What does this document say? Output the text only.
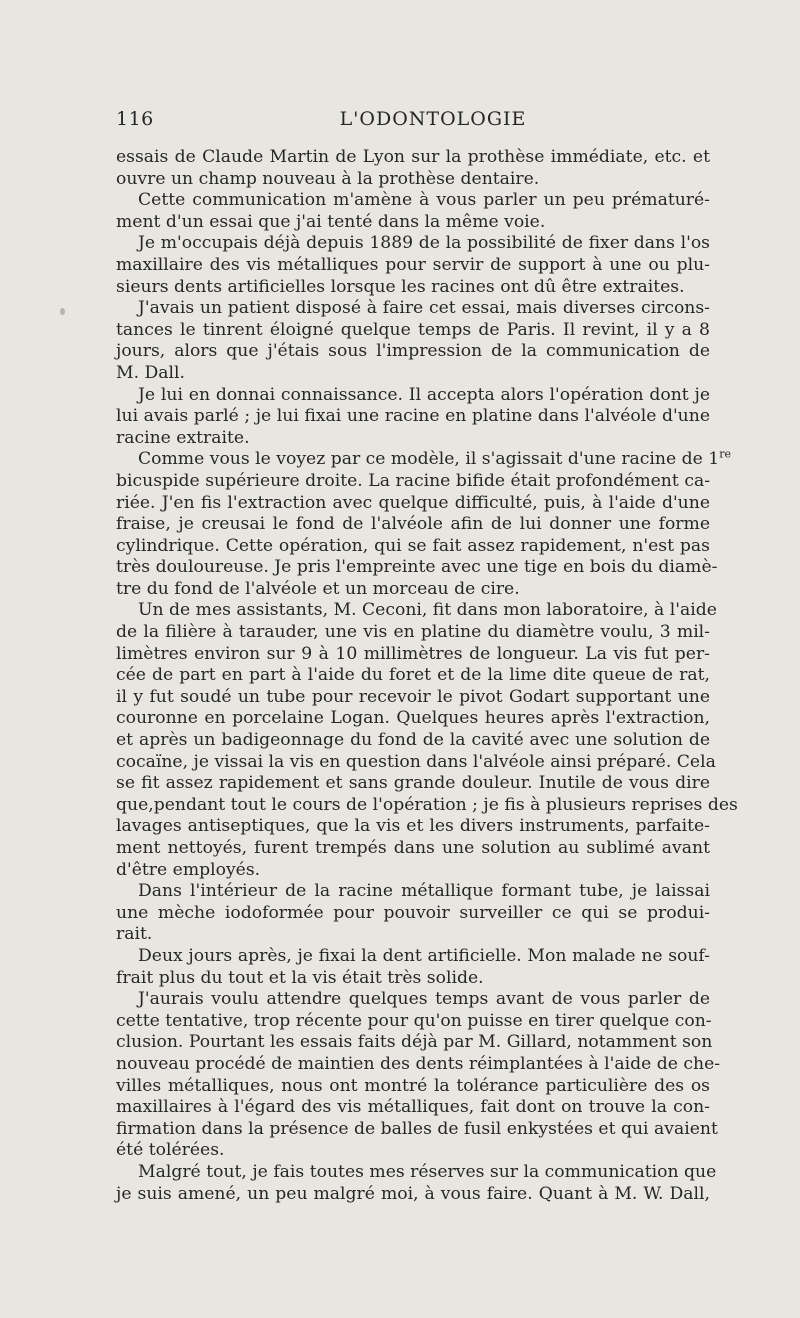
116	L'ODONTOLOGIE
essais de Claude Martin de Lyon sur la prothèse immédiate, etc. et
ouvre un champ nouveau à la prothèse dentaire.
Cette communication m'amène à vous parler un peu prématuré-
ment d'un essai que j'ai tenté dans la même voie.
Je m'occupais déjà depuis 1889 de la possibilité de fixer dans l'os
maxillaire des vis métalliques pour servir de support à une ou plu-
sieurs dents artificielles lorsque les racines ont dû être extraites.
J'avais un patient disposé à faire cet essai, mais diverses circons-
tances le tinrent éloigné quelque temps de Paris. Il revint, il y a 8
jours, alors que j'étais sous l'impression de la communication de
M. Dall.
Je lui en donnai connaissance. Il accepta alors l'opération dont je
lui avais parlé ; je lui fixai une racine en platine dans l'alvéole d'une
racine extraite.
Comme vous le voyez par ce modèle, il s'agissait d'une racine de 1re
bicuspide supérieure droite. La racine bifide était profondément ca-
riée. J'en fis l'extraction avec quelque difficulté, puis, à l'aide d'une
fraise, je creusai le fond de l'alvéole afin de lui donner une forme
cylindrique. Cette opération, qui se fait assez rapidement, n'est pas
très douloureuse. Je pris l'empreinte avec une tige en bois du diamè-
tre du fond de l'alvéole et un morceau de cire.
Un de mes assistants, M. Ceconi, fit dans mon laboratoire, à l'aide
de la filière à tarauder, une vis en platine du diamètre voulu, 3 mil-
limètres environ sur 9 à 10 millimètres de longueur. La vis fut per-
cée de part en part à l'aide du foret et de la lime dite queue de rat,
il y fut soudé un tube pour recevoir le pivot Godart supportant une
couronne en porcelaine Logan. Quelques heures après l'extraction,
et après un badigeonnage du fond de la cavité avec une solution de
cocaïne, je vissai la vis en question dans l'alvéole ainsi préparé. Cela
se fit assez rapidement et sans grande douleur. Inutile de vous dire
que,pendant tout le cours de l'opération ; je fis à plusieurs reprises des
lavages antiseptiques, que la vis et les divers instruments, parfaite-
ment nettoyés, furent trempés dans une solution au sublimé avant
d'être employés.
Dans l'intérieur de la racine métallique formant tube, je laissai
une mèche iodoformée pour pouvoir surveiller ce qui se produi-
rait.
Deux jours après, je fixai la dent artificielle. Mon malade ne souf-
frait plus du tout et la vis était très solide.
J'aurais voulu attendre quelques temps avant de vous parler de
cette tentative, trop récente pour qu'on puisse en tirer quelque con-
clusion. Pourtant les essais faits déjà par M. Gillard, notamment son
nouveau procédé de maintien des dents réimplantées à l'aide de che-
villes métalliques, nous ont montré la tolérance particulière des os
maxillaires à l'égard des vis métalliques, fait dont on trouve la con-
firmation dans la présence de balles de fusil enkystées et qui avaient
été tolérées.
Malgré tout, je fais toutes mes réserves sur la communication que
je suis amené, un peu malgré moi, à vous faire. Quant à M. W. Dall,
